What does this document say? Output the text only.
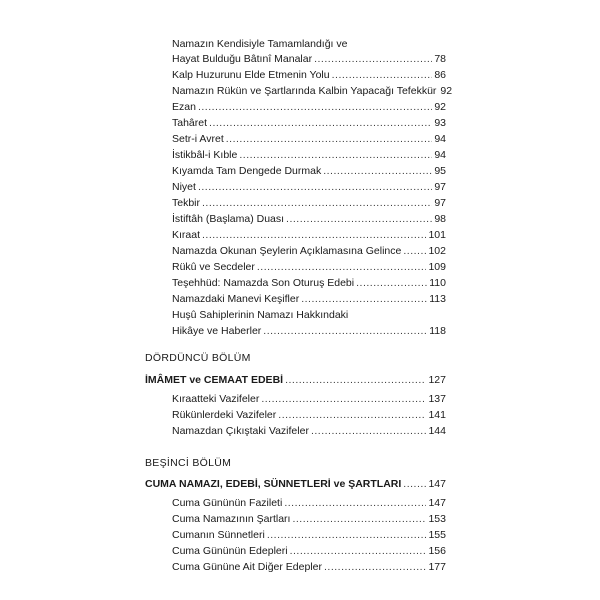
Namazın Kendisiyle Tamamlandığı ve
Hayat Bulduğu Bâtınî Manalar .....	78
Kalp Huzurunu Elde Etmenin Yolu .....	86
Namazın Rükün ve Şartlarında Kalbin Yapacağı Tefekkür 92
Ezan .....	92
Tahâret .....	93
Setr-i Avret .....	94
İstikbâl-i Kıble .....	94
Kıyamda Tam Dengede Durmak .....	95
Niyet .....	97
Tekbir .....	97
İstiftâh (Başlama) Duası .....	98
Kıraat .....	101
Namazda Okunan Şeylerin Açıklamasına Gelince .....	102
Rükû ve Secdeler .....	109
Teşehhüd: Namazda Son Oturuş Edebi .....	110
Namazdaki Manevi Keşifler .....	113
Huşû Sahiplerinin Namazı Hakkındaki
Hikâye ve Haberler .....	118
DÖRDÜNCÜ BÖLÜM
İMÂMET ve CEMAAT EDEBİ .....	127
Kıraatteki Vazifeler .....	137
Rükünlerdeki Vazifeler .....	141
Namazdan Çıkıştaki Vazifeler .....	144
BEŞİNCİ BÖLÜM
CUMA NAMAZI, EDEBİ, SÜNNETLERİ ve ŞARTLARI .....	147
Cuma Gününün Fazileti .....	147
Cuma Namazının Şartları .....	153
Cumanın Sünnetleri .....	155
Cuma Gününün Edepleri .....	156
Cuma Gününe Ait Diğer Edepler .....	177
